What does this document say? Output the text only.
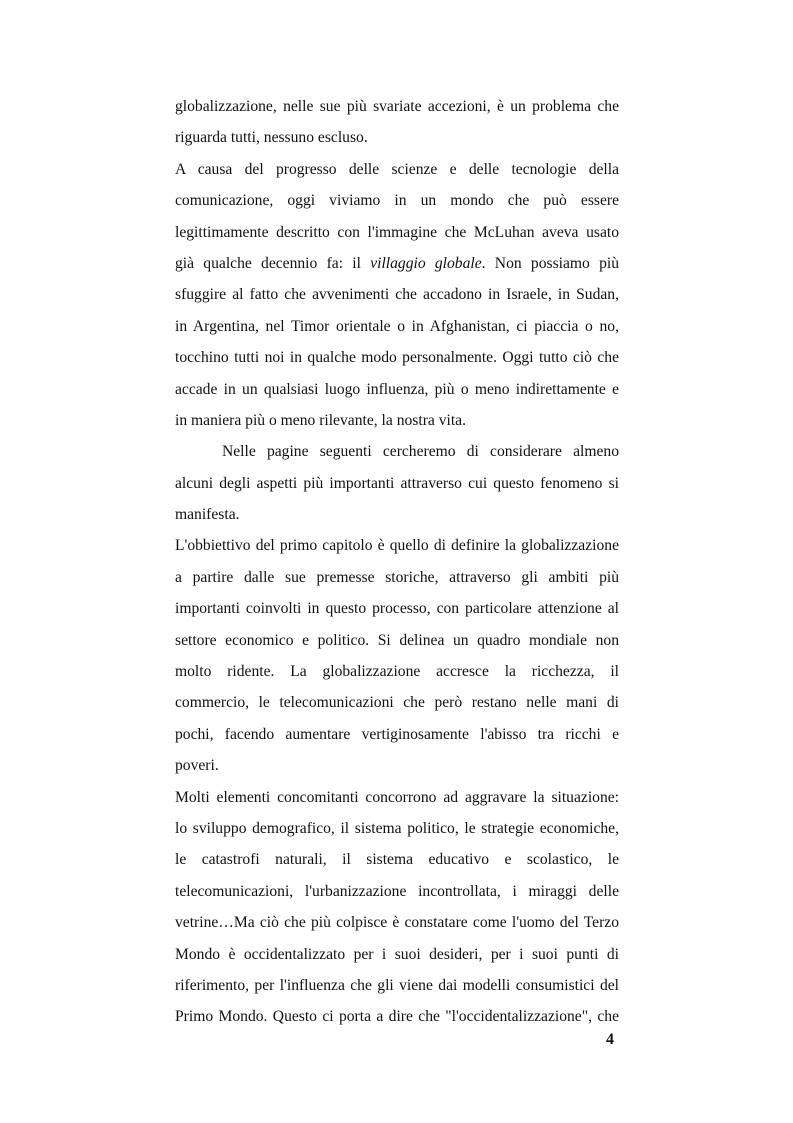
globalizzazione, nelle sue più svariate accezioni, è un problema che
riguarda tutti, nessuno escluso.
A causa del progresso delle scienze e delle tecnologie della
comunicazione, oggi viviamo in un mondo che può essere
legittimamente descritto con l'immagine che McLuhan aveva usato
già qualche decennio fa: il villaggio globale. Non possiamo più
sfuggire al fatto che avvenimenti che accadono in Israele, in Sudan,
in Argentina, nel Timor orientale o in Afghanistan, ci piaccia o no,
tocchino tutti noi in qualche modo personalmente. Oggi tutto ciò che
accade in un qualsiasi luogo influenza, più o meno indirettamente e
in maniera più o meno rilevante, la nostra vita.
Nelle pagine seguenti cercheremo di considerare almeno
alcuni degli aspetti più importanti attraverso cui questo fenomeno si
manifesta.
L'obbiettivo del primo capitolo è quello di definire la globalizzazione
a partire dalle sue premesse storiche, attraverso gli ambiti più
importanti coinvolti in questo processo, con particolare attenzione al
settore economico e politico. Si delinea un quadro mondiale non
molto ridente. La globalizzazione accresce la ricchezza, il
commercio, le telecomunicazioni che però restano nelle mani di
pochi, facendo aumentare vertiginosamente l'abisso tra ricchi e
poveri.
Molti elementi concomitanti concorrono ad aggravare la situazione:
lo sviluppo demografico, il sistema politico, le strategie economiche,
le catastrofi naturali, il sistema educativo e scolastico, le
telecomunicazioni, l'urbanizzazione incontrollata, i miraggi delle
vetrine…Ma ciò che più colpisce è constatare come l'uomo del Terzo
Mondo è occidentalizzato per i suoi desideri, per i suoi punti di
riferimento, per l'influenza che gli viene dai modelli consumistici del
Primo Mondo. Questo ci porta a dire che "l'occidentalizzazione", che
4
